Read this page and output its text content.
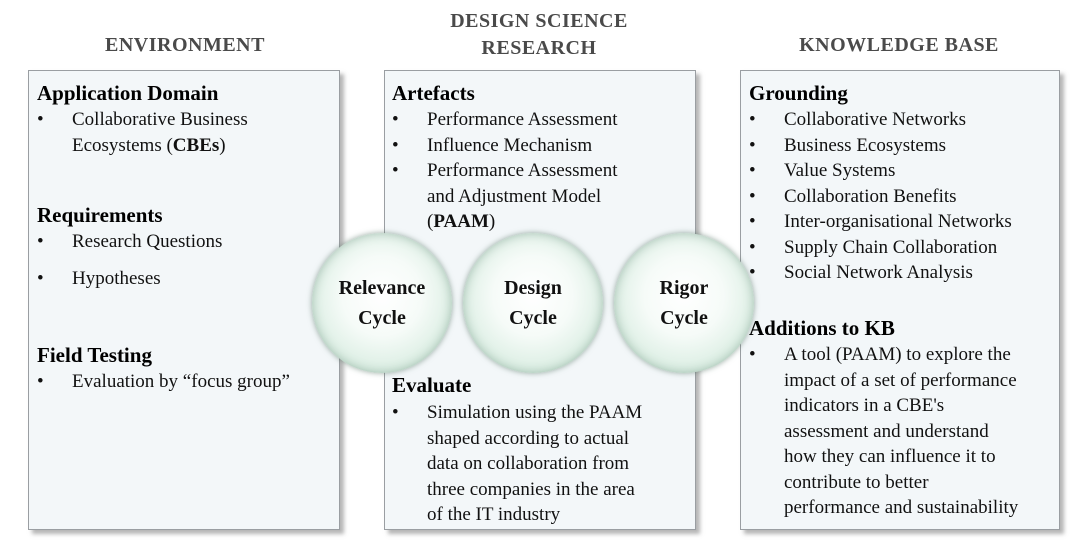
ENVIRONMENT
DESIGN SCIENCE
RESEARCH	KNOWLEDGE BASE
Application Domain
• Collaborative Business
Ecosystems (CBEs)
Requirements
• Research Questions
• Hypotheses
Field Testing
• Evaluation by “focus group”
Artefacts
• Performance Assessment
• Influence Mechanism
• Performance Assessment
and Adjustment Model
(PAAM)
Evaluate
• Simulation using the PAAM
shaped according to actual
data on collaboration from
three companies in the area
of the IT industry
Grounding
• Collaborative Networks
• Business Ecosystems
• Value Systems
• Collaboration Benefits
• Inter-organisational Networks
• Supply Chain Collaboration
• Social Network Analysis
Additions to KB
• A tool (PAAM) to explore the
impact of a set of performance
indicators in a CBE's
assessment and understand
how they can influence it to
contribute to better
performance and sustainability
Relevance
Cycle
Design
Cycle
Rigor
Cycle
